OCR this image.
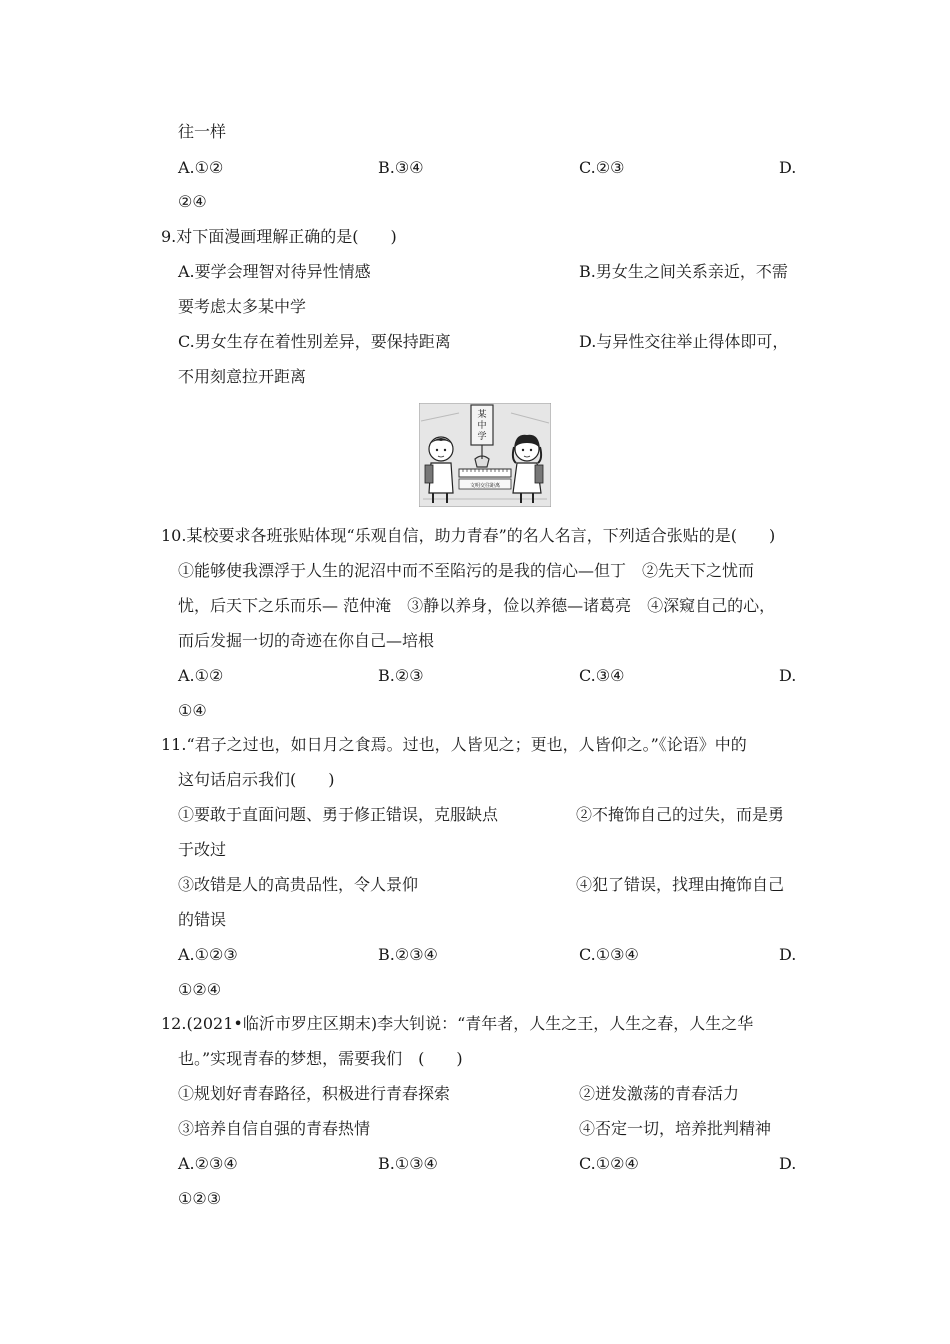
往一样
A.①②	B.③④	C.②③	D.
②④
9.对下面漫画理解正确的是(　　)
A.要学会理智对待异性情感	B.男女生之间关系亲近，不需
要考虑太多某中学
C.男女生存在着性别差异，要保持距离	D.与异性交往举止得体即可，
不用刻意拉开距离
某
中
学
文明交往距离
10.某校要求各班张贴体现“乐观自信，助力青春”的名人名言，下列适合张贴的是(　　)
①能够使我漂浮于人生的泥沼中而不至陷污的是我的信心—但丁　②先天下之忧而
忧，后天下之乐而乐— 范仲淹　③静以养身，俭以养德—诸葛亮　④深窥自己的心，
而后发掘一切的奇迹在你自己—培根
A.①②	B.②③	C.③④	D.
①④
11.“君子之过也，如日月之食焉。过也，人皆见之；更也，人皆仰之。”《论语》中的
这句话启示我们(　　)
①要敢于直面问题、勇于修正错误，克服缺点	②不掩饰自己的过失，而是勇
于改过
③改错是人的高贵品性，令人景仰	④犯了错误，找理由掩饰自己
的错误
A.①②③	B.②③④	C.①③④	D.
①②④
12.(2021•临沂市罗庄区期末)李大钊说：“青年者，人生之王，人生之春，人生之华
也。”实现青春的梦想，需要我们　(　　)
①规划好青春路径，积极进行青春探索	②迸发激荡的青春活力
③培养自信自强的青春热情	④否定一切，培养批判精神
A.②③④	B.①③④	C.①②④	D.
①②③
